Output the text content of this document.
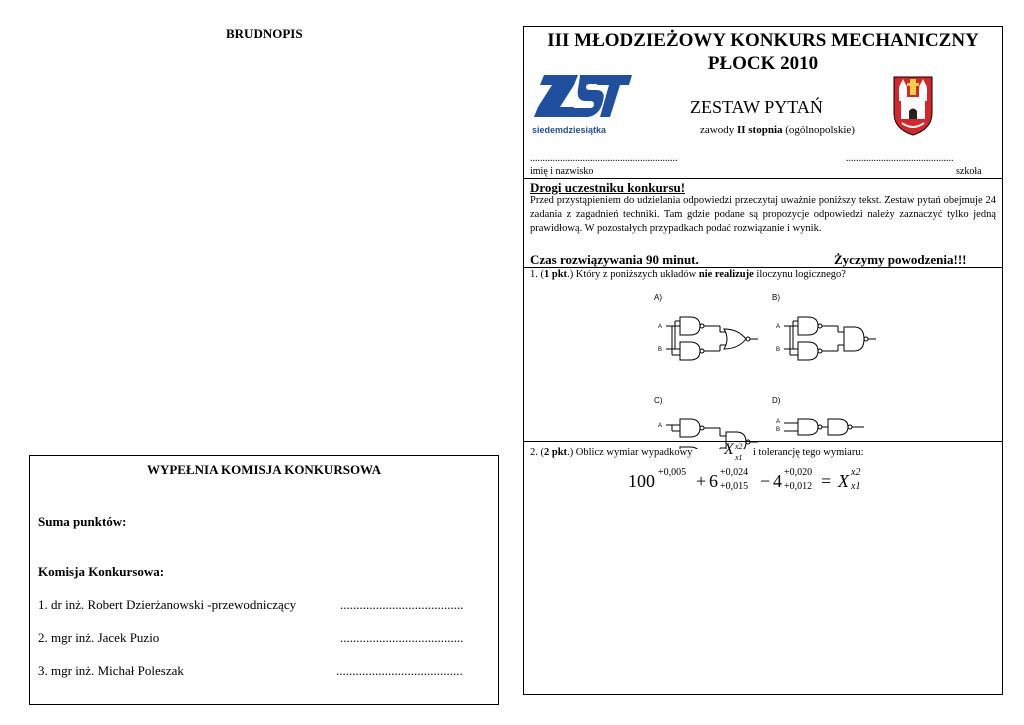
BRUDNOPIS
WYPEŁNIA KOMISJA KONKURSOWA
Suma punktów:
Komisja Konkursowa:
1. dr inż. Robert Dzierżanowski -przewodniczący	......................................
2. mgr inż. Jacek Puzio	......................................
3. mgr inż. Michał Poleszak	.......................................
III MŁODZIEŻOWY KONKURS MECHANICZNY
PŁOCK 2010
siedemdziesiątka
ZESTAW PYTAŃ
zawody II stopnia (ogólnopolskie)
...........................................................	...........................................
imię i nazwisko	szkoła
Drogi uczestniku konkursu!
Przed przystąpieniem do udzielania odpowiedzi przeczytaj uważnie poniższy tekst. Zestaw pytań obejmuje 24 zadania z zagadnień techniki. Tam gdzie podane są propozycje odpowiedzi należy zaznaczyć tylko jedną prawidłową. W pozostałych przypadkach podać rozwiązanie i wynik.
Czas rozwiązywania 90 minut.	Życzymy powodzenia!!!
1. (1 pkt.) Który z poniższych układów nie realizuje iloczynu logicznego?
A)	B)
C)	D)
A
B
A
B
A
A
B
2. (2 pkt.) Oblicz wymiar wypadkowy X x2
x1 i tolerancję tego wymiaru:
100 +0,005 + 6 +0,024
+0,015 − 4 +0,020
+0,012 = X x2
x1
